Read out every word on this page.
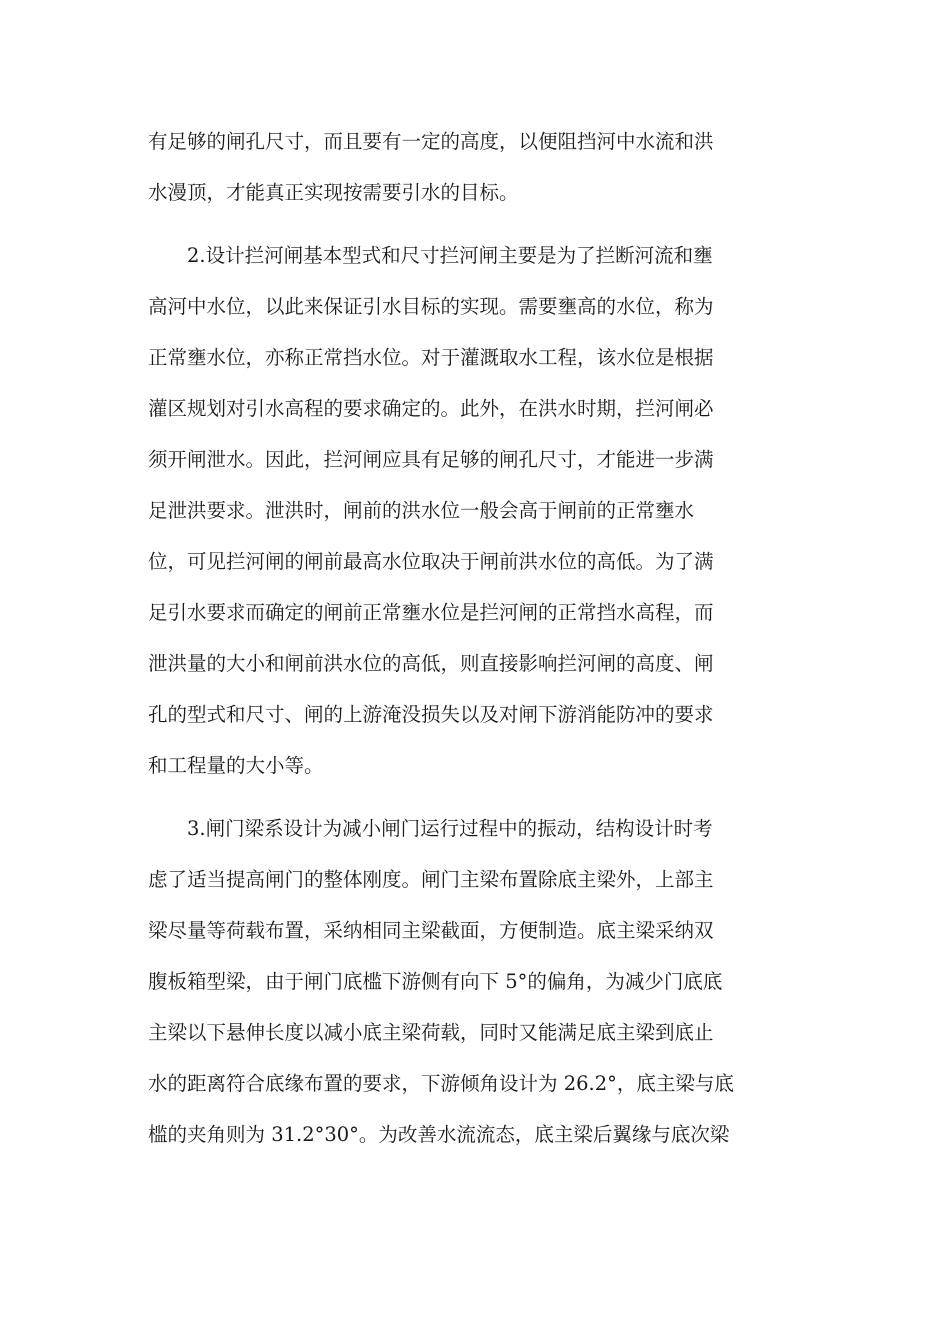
有足够的闸孔尺寸，而且要有一定的高度，以便阻挡河中水流和洪
水漫顶，才能真正实现按需要引水的目标。
　　2.设计拦河闸基本型式和尺寸拦河闸主要是为了拦断河流和壅
高河中水位，以此来保证引水目标的实现。需要壅高的水位，称为
正常壅水位，亦称正常挡水位。对于灌溉取水工程，该水位是根据
灌区规划对引水高程的要求确定的。此外，在洪水时期，拦河闸必
须开闸泄水。因此，拦河闸应具有足够的闸孔尺寸，才能进一步满
足泄洪要求。泄洪时，闸前的洪水位一般会高于闸前的正常壅水
位，可见拦河闸的闸前最高水位取决于闸前洪水位的高低。为了满
足引水要求而确定的闸前正常壅水位是拦河闸的正常挡水高程，而
泄洪量的大小和闸前洪水位的高低，则直接影响拦河闸的高度、闸
孔的型式和尺寸、闸的上游淹没损失以及对闸下游消能防冲的要求
和工程量的大小等。
　　3.闸门梁系设计为减小闸门运行过程中的振动，结构设计时考
虑了适当提高闸门的整体刚度。闸门主梁布置除底主梁外，上部主
梁尽量等荷载布置，采纳相同主梁截面，方便制造。底主梁采纳双
腹板箱型梁，由于闸门底槛下游侧有向下 5°的偏角，为减少门底底
主梁以下悬伸长度以减小底主梁荷载，同时又能满足底主梁到底止
水的距离符合底缘布置的要求，下游倾角设计为 26.2°，底主梁与底
槛的夹角则为 31.2°30°。为改善水流流态，底主梁后翼缘与底次梁
